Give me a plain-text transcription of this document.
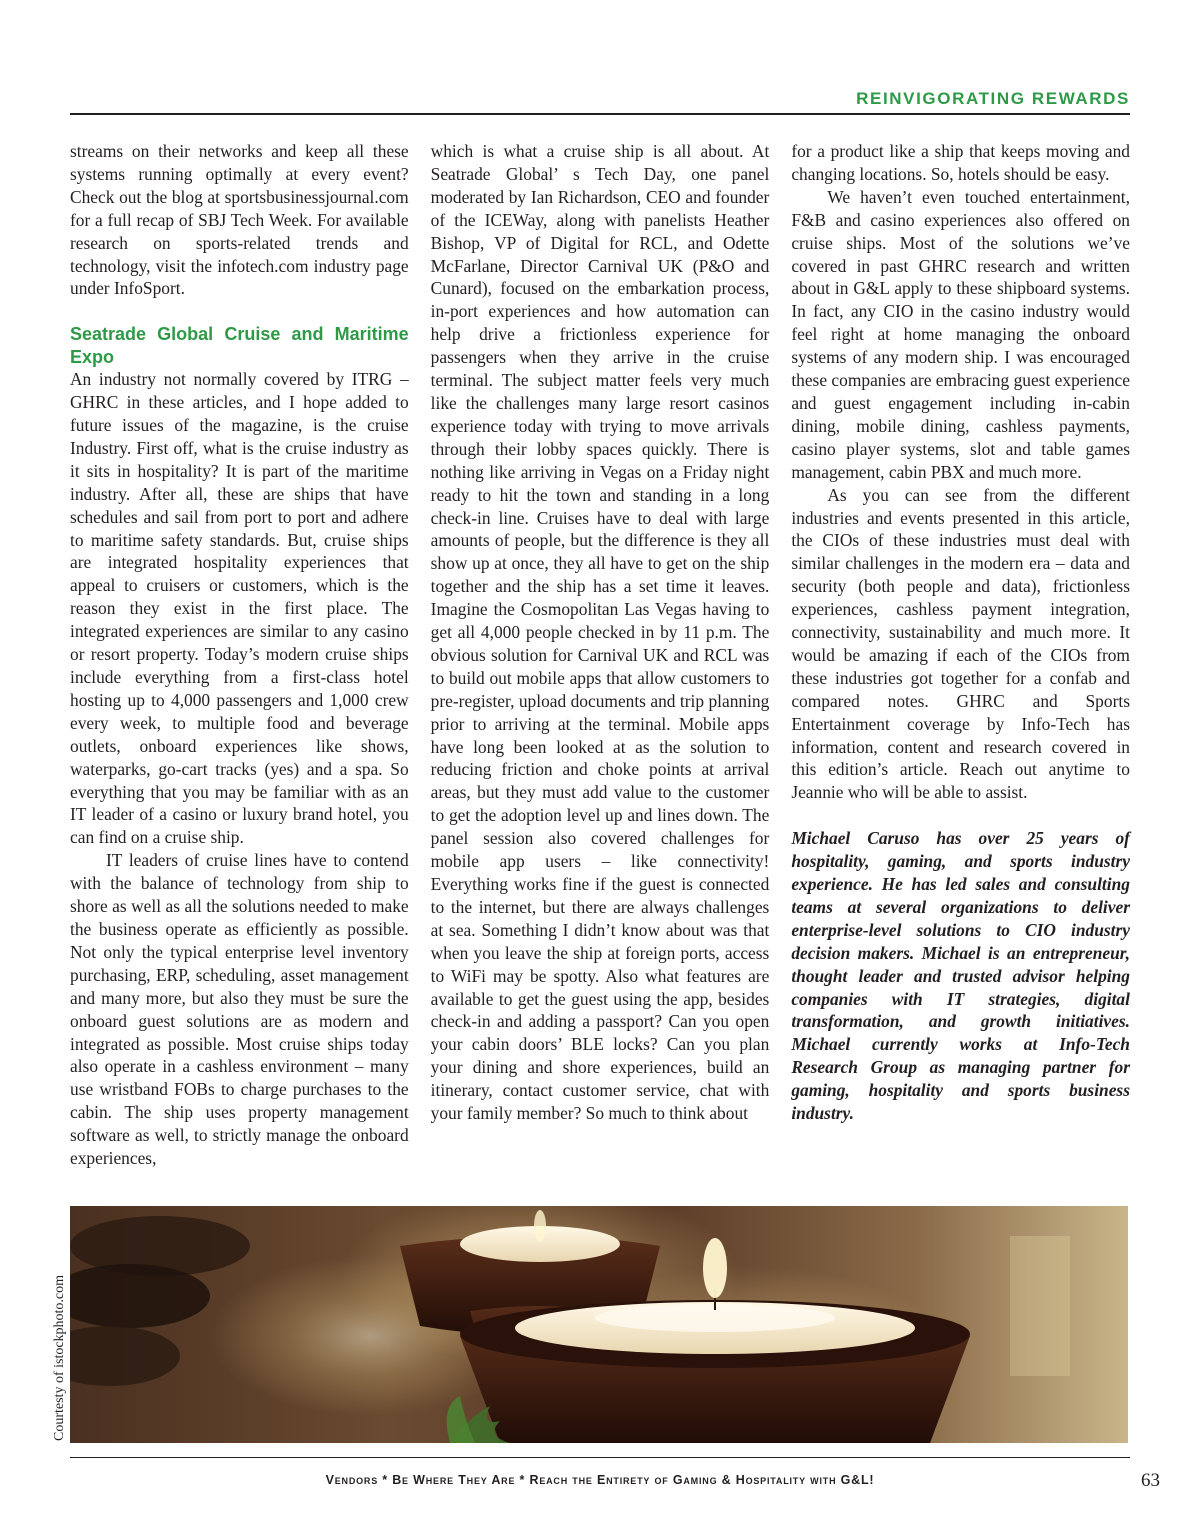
REINVIGORATING REWARDS

streams on their networks and keep all these systems running optimally at every event? Check out the blog at sportsbusinessjournal.com for a full recap of SBJ Tech Week. For available research on sports-related trends and technology, visit the infotech.com industry page under InfoSport.

Seatrade Global Cruise and Maritime Expo

An industry not normally covered by ITRG – GHRC in these articles, and I hope added to future issues of the magazine, is the cruise Industry. First off, what is the cruise industry as it sits in hospitality? It is part of the maritime industry. After all, these are ships that have schedules and sail from port to port and adhere to maritime safety standards. But, cruise ships are integrated hospitality experiences that appeal to cruisers or customers, which is the reason they exist in the first place. The integrated experiences are similar to any casino or resort property. Today’s modern cruise ships include everything from a first-class hotel hosting up to 4,000 passengers and 1,000 crew every week, to multiple food and beverage outlets, onboard experiences like shows, waterparks, go-cart tracks (yes) and a spa. So everything that you may be familiar with as an IT leader of a casino or luxury brand hotel, you can find on a cruise ship.

IT leaders of cruise lines have to contend with the balance of technology from ship to shore as well as all the solutions needed to make the business operate as efficiently as possible. Not only the typical enterprise level inventory purchasing, ERP, scheduling, asset management and many more, but also they must be sure the onboard guest solutions are as modern and integrated as possible. Most cruise ships today also operate in a cashless environment – many use wristband FOBs to charge purchases to the cabin. The ship uses property management software as well, to strictly manage the onboard experiences,

which is what a cruise ship is all about. At Seatrade Global’ s Tech Day, one panel moderated by Ian Richardson, CEO and founder of the ICEWay, along with panelists Heather Bishop, VP of Digital for RCL, and Odette McFarlane, Director Carnival UK (P&O and Cunard), focused on the embarkation process, in-port experiences and how automation can help drive a frictionless experience for passengers when they arrive in the cruise terminal. The subject matter feels very much like the challenges many large resort casinos experience today with trying to move arrivals through their lobby spaces quickly. There is nothing like arriving in Vegas on a Friday night ready to hit the town and standing in a long check-in line. Cruises have to deal with large amounts of people, but the difference is they all show up at once, they all have to get on the ship together and the ship has a set time it leaves. Imagine the Cosmopolitan Las Vegas having to get all 4,000 people checked in by 11 p.m. The obvious solution for Carnival UK and RCL was to build out mobile apps that allow customers to pre-register, upload documents and trip planning prior to arriving at the terminal. Mobile apps have long been looked at as the solution to reducing friction and choke points at arrival areas, but they must add value to the customer to get the adoption level up and lines down. The panel session also covered challenges for mobile app users – like connectivity! Everything works fine if the guest is connected to the internet, but there are always challenges at sea. Something I didn’t know about was that when you leave the ship at foreign ports, access to WiFi may be spotty. Also what features are available to get the guest using the app, besides check-in and adding a passport? Can you open your cabin doors’ BLE locks? Can you plan your dining and shore experiences, build an itinerary, contact customer service, chat with your family member? So much to think about

for a product like a ship that keeps moving and changing locations. So, hotels should be easy.

We haven’t even touched entertainment, F&B and casino experiences also offered on cruise ships. Most of the solutions we’ve covered in past GHRC research and written about in G&L apply to these shipboard systems. In fact, any CIO in the casino industry would feel right at home managing the onboard systems of any modern ship. I was encouraged these companies are embracing guest experience and guest engagement including in-cabin dining, mobile dining, cashless payments, casino player systems, slot and table games management, cabin PBX and much more.

As you can see from the different industries and events presented in this article, the CIOs of these industries must deal with similar challenges in the modern era – data and security (both people and data), frictionless experiences, cashless payment integration, connectivity, sustainability and much more. It would be amazing if each of the CIOs from these industries got together for a confab and compared notes. GHRC and Sports Entertainment coverage by Info-Tech has information, content and research covered in this edition’s article. Reach out anytime to Jeannie who will be able to assist.

Michael Caruso has over 25 years of hospitality, gaming, and sports industry experience. He has led sales and consulting teams at several organizations to deliver enterprise-level solutions to CIO industry decision makers. Michael is an entrepreneur, thought leader and trusted advisor helping companies with IT strategies, digital transformation, and growth initiatives. Michael currently works at Info-Tech Research Group as managing partner for gaming, hospitality and sports business industry.

Courtesty of istockphoto.com
Vendors * Be Where They Are * Reach the Entirety of Gaming & Hospitality with G&L!	63
